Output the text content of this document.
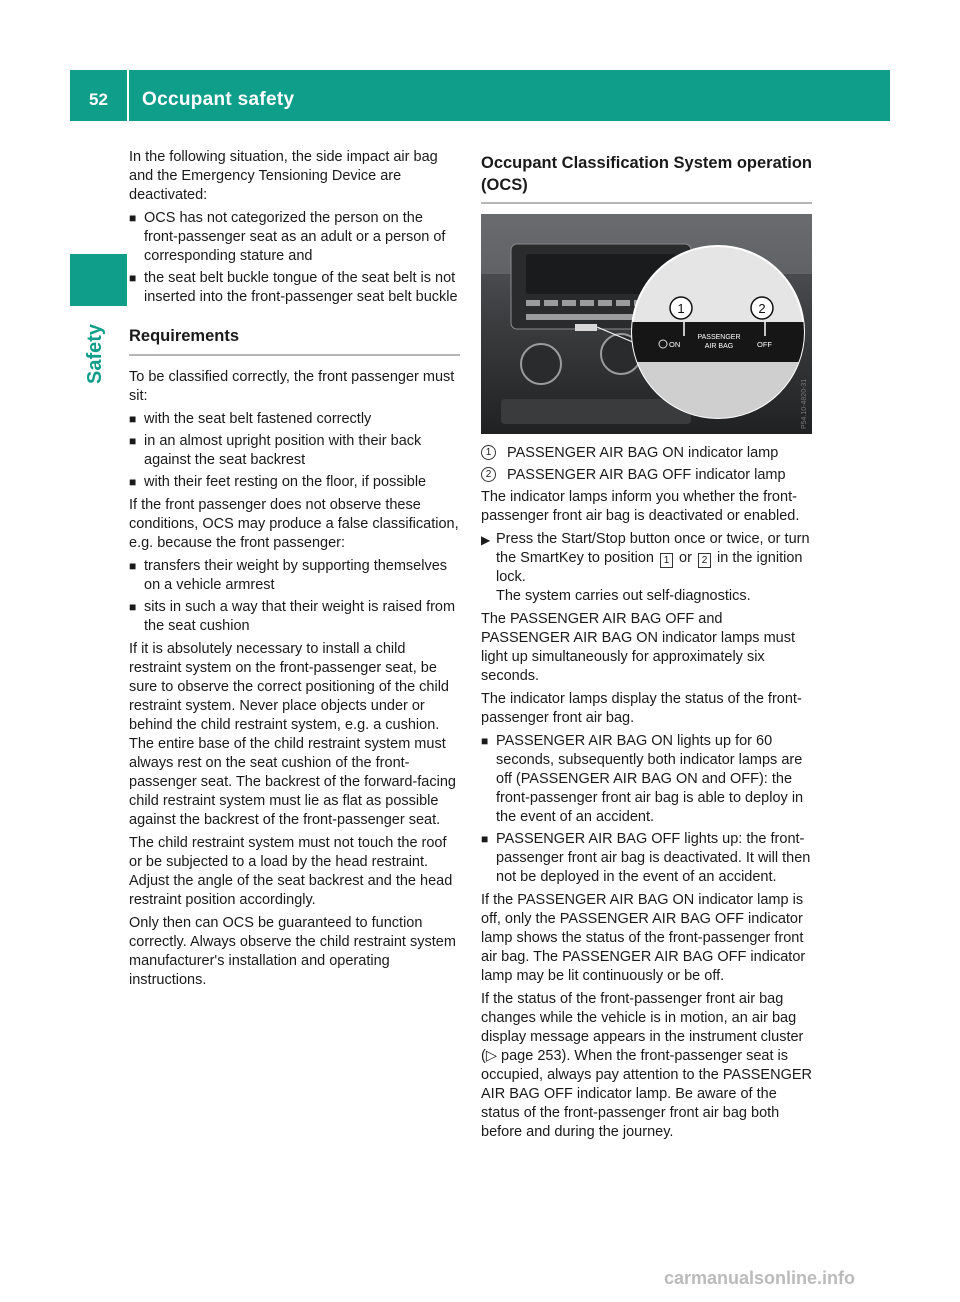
52	Occupant safety
Safety

In the following situation, the side impact air bag and the Emergency Tensioning Device are deactivated:

■ OCS has not categorized the person on the front-passenger seat as an adult or a person of corresponding stature and
■ the seat belt buckle tongue of the seat belt is not inserted into the front-passenger seat belt buckle
Requirements

To be classified correctly, the front passenger must sit:

■ with the seat belt fastened correctly
■ in an almost upright position with their back against the seat backrest
■ with their feet resting on the floor, if possible

If the front passenger does not observe these conditions, OCS may produce a false classification, e.g. because the front passenger:

■ transfers their weight by supporting themselves on a vehicle armrest
■ sits in such a way that their weight is raised from the seat cushion

If it is absolutely necessary to install a child restraint system on the front-passenger seat, be sure to observe the correct positioning of the child restraint system. Never place objects under or behind the child restraint system, e.g. a cushion. The entire base of the child restraint system must always rest on the seat cushion of the front-passenger seat. The backrest of the forward-facing child restraint system must lie as flat as possible against the backrest of the front-passenger seat.

The child restraint system must not touch the roof or be subjected to a load by the head restraint. Adjust the angle of the seat backrest and the head restraint position accordingly.

Only then can OCS be guaranteed to function correctly. Always observe the child restraint system manufacturer's installation and operating instructions.

Occupant Classification System operation (OCS)
ON
PASSENGER
AIR BAG	OFF
1	2
P54.10-4820-31
1	PASSENGER AIR BAG ON indicator lamp
2	PASSENGER AIR BAG OFF indicator lamp

The indicator lamps inform you whether the front-passenger front air bag is deactivated or enabled.

▶ Press the Start/Stop button once or twice, or turn the SmartKey to position 1 or 2 in the ignition lock.
The system carries out self-diagnostics.

The PASSENGER AIR BAG OFF and PASSENGER AIR BAG ON indicator lamps must light up simultaneously for approximately six seconds.

The indicator lamps display the status of the front-passenger front air bag.

■ PASSENGER AIR BAG ON lights up for 60 seconds, subsequently both indicator lamps are off (PASSENGER AIR BAG ON and OFF): the front-passenger front air bag is able to deploy in the event of an accident.
■ PASSENGER AIR BAG OFF lights up: the front-passenger front air bag is deactivated. It will then not be deployed in the event of an accident.

If the PASSENGER AIR BAG ON indicator lamp is off, only the PASSENGER AIR BAG OFF indicator lamp shows the status of the front-passenger front air bag. The PASSENGER AIR BAG OFF indicator lamp may be lit continuously or be off.

If the status of the front-passenger front air bag changes while the vehicle is in motion, an air bag display message appears in the instrument cluster (▷ page 253). When the front-passenger seat is occupied, always pay attention to the PASSENGER AIR BAG OFF indicator lamp. Be aware of the status of the front-passenger front air bag both before and during the journey.

carmanualsonline.info
